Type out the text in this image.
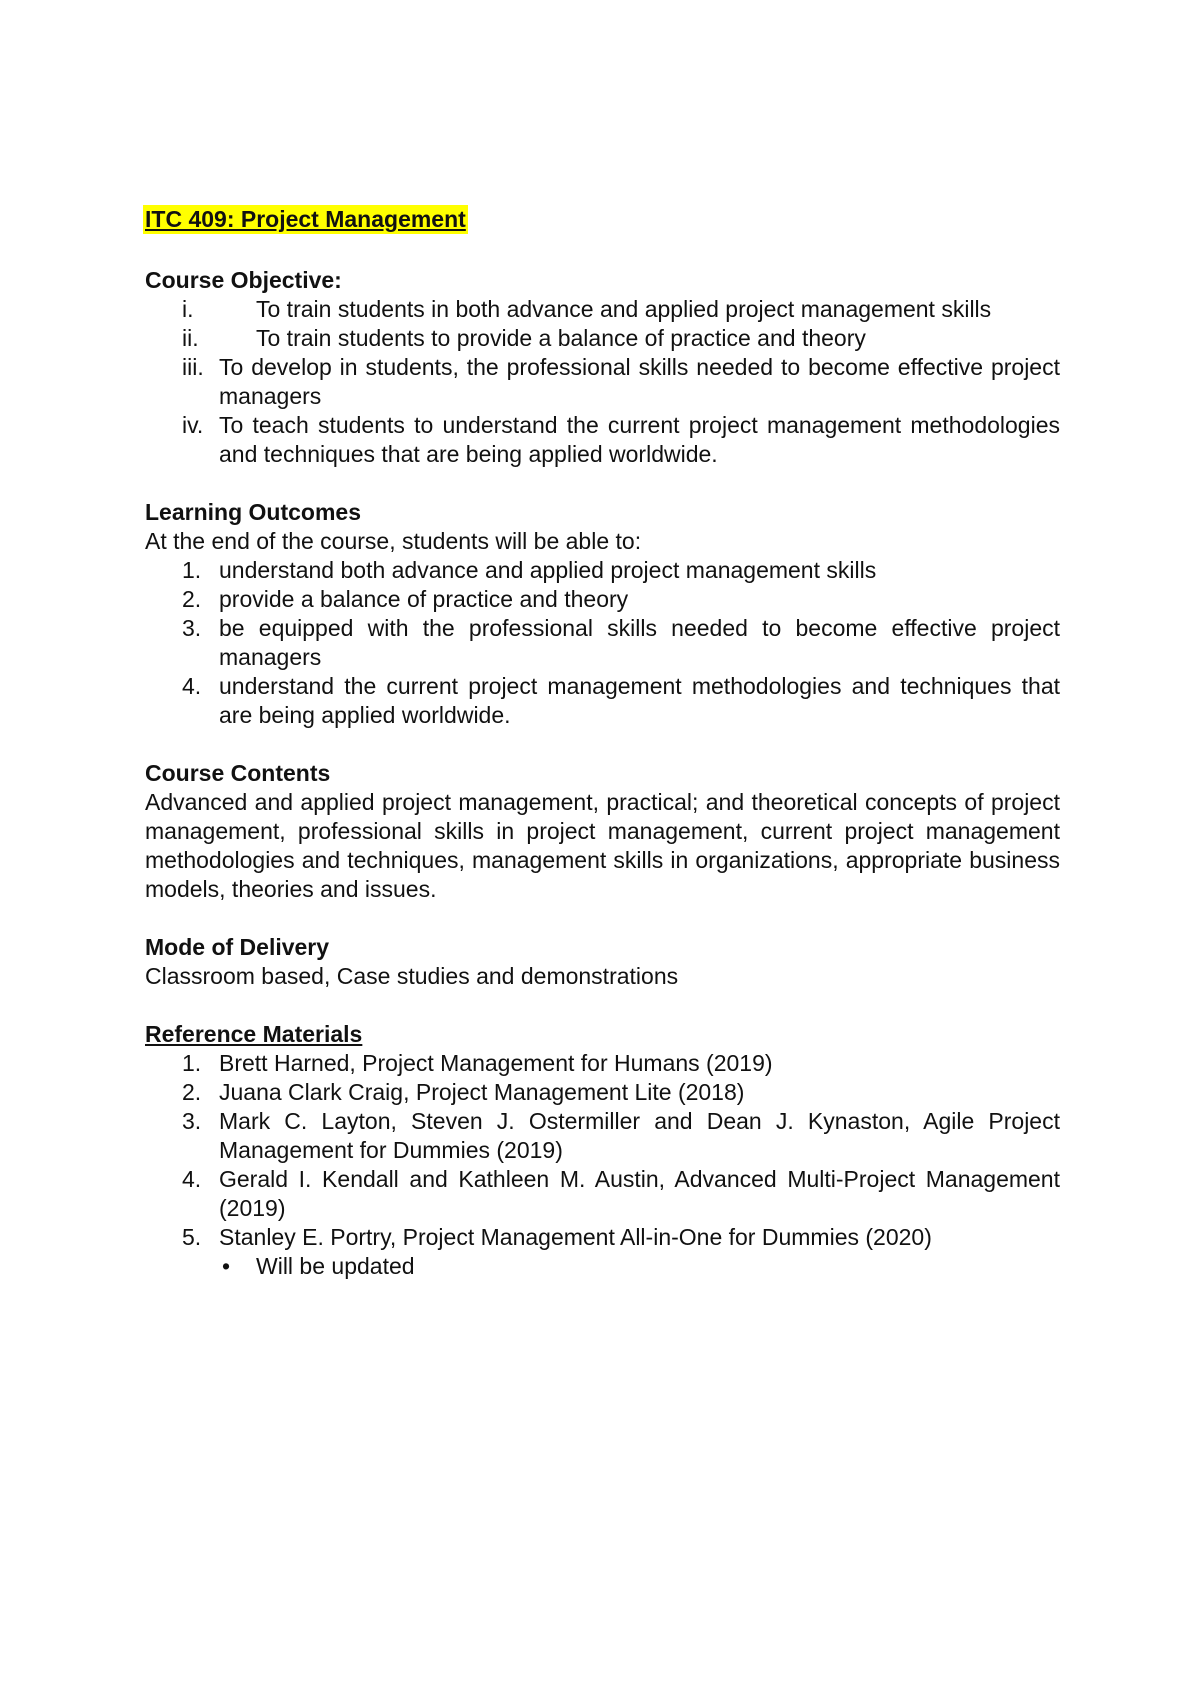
ITC 409: Project Management
Course Objective:
i.	To train students in both advance and applied project management skills
ii. To train students to provide a balance of practice and theory
iii. To develop in students, the professional skills needed to become effective project managers
iv. To teach students to understand the current project management methodologies and techniques that are being applied worldwide.
Learning Outcomes
At the end of the course, students will be able to:
1. understand both advance and applied project management skills
2. provide a balance of practice and theory
3. be equipped with the professional skills needed to become effective project managers
4. understand the current project management methodologies and techniques that are being applied worldwide.
Course Contents
Advanced and applied project management, practical; and theoretical concepts of project management, professional skills in project management, current project management methodologies and techniques, management skills in organizations, appropriate business models, theories and issues.
Mode of Delivery
Classroom based, Case studies and demonstrations
Reference Materials
1. Brett Harned, Project Management for Humans (2019)
2. Juana Clark Craig, Project Management Lite (2018)
3. Mark C. Layton, Steven J. Ostermiller and Dean J. Kynaston, Agile Project Management for Dummies (2019)
4. Gerald I. Kendall and Kathleen M. Austin, Advanced Multi-Project Management (2019)
5. Stanley E. Portry, Project Management All-in-One for Dummies (2020)
• Will be updated
